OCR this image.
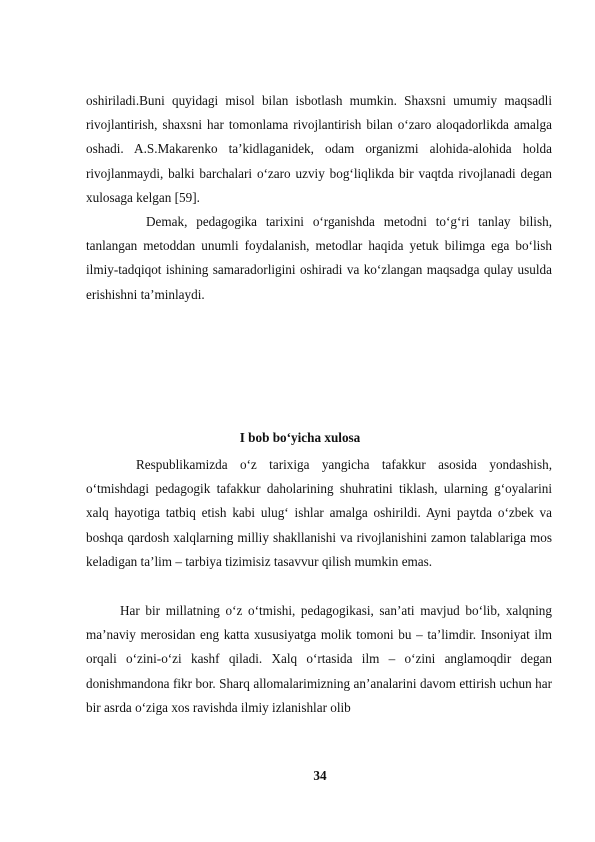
oshiriladi.Buni quyidagi misol bilan isbotlash mumkin. Shaxsni umumiy maqsadli rivojlantirish, shaxsni har tomonlama rivojlantirish bilan o‘zaro aloqadorlikda amalga oshadi. A.S.Makarenko ta’kidlaganidek, odam organizmi alohida-alohida holda rivojlanmaydi, balki barchalari o‘zaro uzviy bog‘liqlikda bir vaqtda rivojlanadi degan xulosaga kelgan [59].

Demak, pedagogika tarixini o‘rganishda metodni to‘g‘ri tanlay bilish, tanlangan metoddan unumli foydalanish, metodlar haqida yetuk bilimga ega bo‘lish ilmiy-tadqiqot ishining samaradorligini oshiradi va ko‘zlangan maqsadga qulay usulda erishishni ta’minlaydi.

I bob bo‘yicha xulosa

Respublikamizda o‘z tarixiga yangicha tafakkur asosida yondashish, o‘tmishdagi pedagogik tafakkur daholarining shuhratini tiklash, ularning g‘oyalarini xalq hayotiga tatbiq etish kabi ulug‘ ishlar amalga oshirildi. Ayni paytda o‘zbek va boshqa qardosh xalqlarning milliy shakllanishi va rivojlanishini zamon talablariga mos keladigan ta’lim – tarbiya tizimisiz tasavvur qilish mumkin emas.

Har bir millatning o‘z o‘tmishi, pedagogikasi, san’ati mavjud bo‘lib, xalqning ma’naviy merosidan eng katta xususiyatga molik tomoni bu – ta’limdir. Insoniyat ilm orqali o‘zini-o‘zi kashf qiladi. Xalq o‘rtasida ilm – o‘zini anglamoqdir degan donishmandona fikr bor. Sharq allomalarimizning an’analarini davom ettirish uchun har bir asrda o‘ziga xos ravishda ilmiy izlanishlar olib

34
